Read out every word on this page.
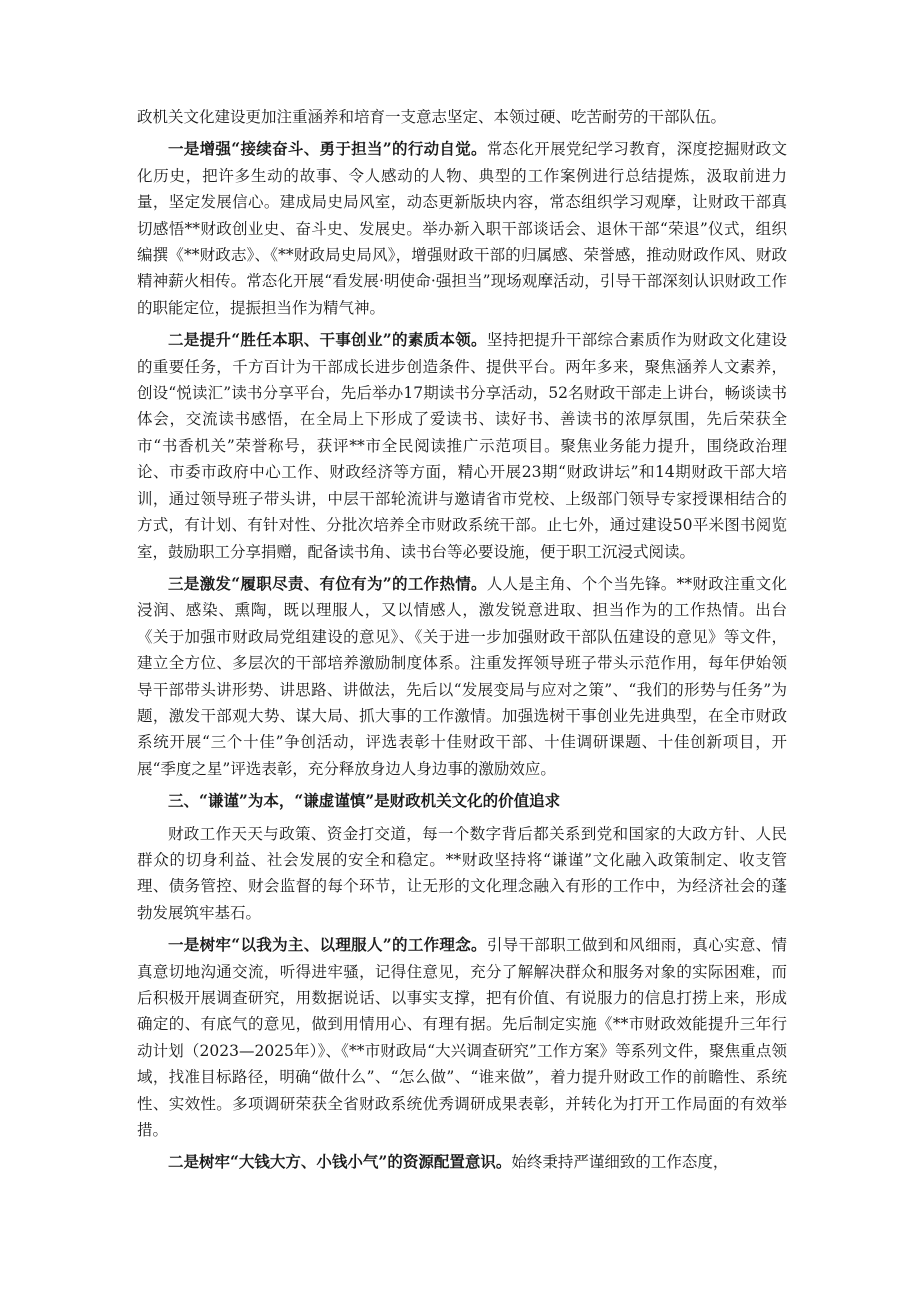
政机关文化建设更加注重涵养和培育一支意志坚定、本领过硬、吃苦耐劳的干部队伍。

一是增强“接续奋斗、勇于担当”的行动自觉。常态化开展党纪学习教育，深度挖掘财政文化历史，把许多生动的故事、令人感动的人物、典型的工作案例进行总结提炼，汲取前进力量，坚定发展信心。建成局史局风室，动态更新版块内容，常态组织学习观摩，让财政干部真切感悟**财政创业史、奋斗史、发展史。举办新入职干部谈话会、退休干部“荣退”仪式，组织编撰《**财政志》、《**财政局史局风》，增强财政干部的归属感、荣誉感，推动财政作风、财政精神薪火相传。常态化开展“看发展·明使命·强担当”现场观摩活动，引导干部深刻认识财政工作的职能定位，提振担当作为精气神。

二是提升“胜任本职、干事创业”的素质本领。坚持把提升干部综合素质作为财政文化建设的重要任务，千方百计为干部成长进步创造条件、提供平台。两年多来，聚焦涵养人文素养，创设“悦读汇”读书分享平台，先后举办17期读书分享活动，52名财政干部走上讲台，畅谈读书体会，交流读书感悟，在全局上下形成了爱读书、读好书、善读书的浓厚氛围，先后荣获全市“书香机关”荣誉称号，获评**市全民阅读推广示范项目。聚焦业务能力提升，围绕政治理论、市委市政府中心工作、财政经济等方面，精心开展23期“财政讲坛”和14期财政干部大培训，通过领导班子带头讲，中层干部轮流讲与邀请省市党校、上级部门领导专家授课相结合的方式，有计划、有针对性、分批次培养全市财政系统干部。止七外，通过建设50平米图书阅览室，鼓励职工分享捐赠，配备读书角、读书台等必要设施，便于职工沉浸式阅读。

三是激发“履职尽责、有位有为”的工作热情。人人是主角、个个当先锋。**财政注重文化浸润、感染、熏陶，既以理服人，又以情感人，激发锐意进取、担当作为的工作热情。出台《关于加强市财政局党组建设的意见》、《关于进一步加强财政干部队伍建设的意见》等文件，建立全方位、多层次的干部培养激励制度体系。注重发挥领导班子带头示范作用，每年伊始领导干部带头讲形势、讲思路、讲做法，先后以“发展变局与应对之策”、“我们的形势与任务”为题，激发干部观大势、谋大局、抓大事的工作激情。加强选树干事创业先进典型，在全市财政系统开展“三个十佳”争创活动，评选表彰十佳财政干部、十佳调研课题、十佳创新项目，开展“季度之星”评选表彰，充分释放身边人身边事的激励效应。

三、“谦谨”为本，“谦虚谨慎”是财政机关文化的价值追求

财政工作天天与政策、资金打交道，每一个数字背后都关系到党和国家的大政方针、人民群众的切身利益、社会发展的安全和稳定。**财政坚持将“谦谨”文化融入政策制定、收支管理、债务管控、财会监督的每个环节，让无形的文化理念融入有形的工作中，为经济社会的蓬勃发展筑牢基石。

一是树牢“以我为主、以理服人”的工作理念。引导干部职工做到和风细雨，真心实意、情真意切地沟通交流，听得进牢骚，记得住意见，充分了解解决群众和服务对象的实际困难，而后积极开展调查研究，用数据说话、以事实支撑，把有价值、有说服力的信息打捞上来，形成确定的、有底气的意见，做到用情用心、有理有据。先后制定实施《**市财政效能提升三年行动计划（2023—2025年）》、《**市财政局“大兴调查研究”工作方案》等系列文件，聚焦重点领域，找准目标路径，明确“做什么”、“怎么做”、“谁来做”，着力提升财政工作的前瞻性、系统性、实效性。多项调研荣获全省财政系统优秀调研成果表彰，并转化为打开工作局面的有效举措。

二是树牢“大钱大方、小钱小气”的资源配置意识。始终秉持严谨细致的工作态度，
